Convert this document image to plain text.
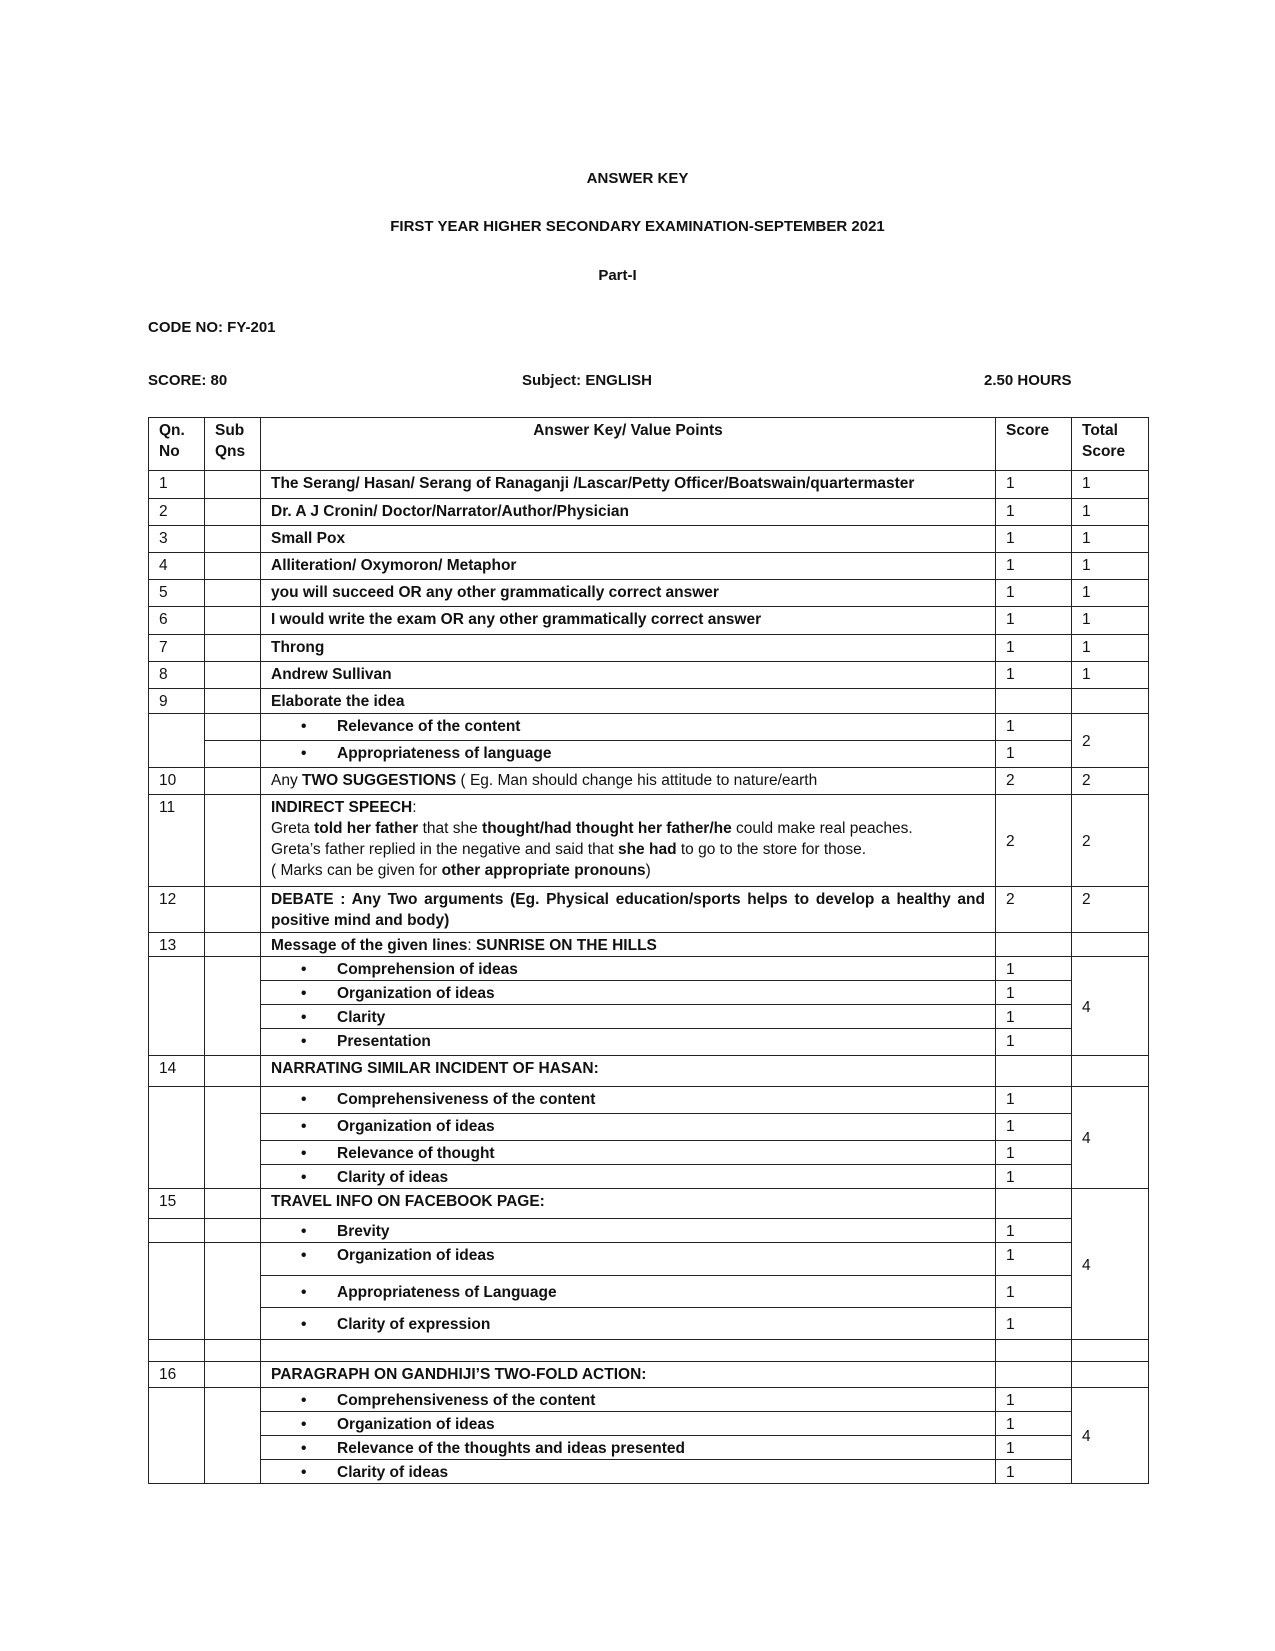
ANSWER KEY
FIRST YEAR HIGHER SECONDARY EXAMINATION-SEPTEMBER 2021
Part-I
CODE NO: FY-201
SCORE: 80	Subject: ENGLISH	2.50 HOURS
Qn. No	Sub Qns	Answer Key/ Value Points	Score	Total Score
1		The Serang/ Hasan/ Serang of Ranaganji /Lascar/Petty Officer/Boatswain/quartermaster	1	1
2		Dr. A J Cronin/ Doctor/Narrator/Author/Physician	1	1
3		Small Pox	1	1
4		Alliteration/ Oxymoron/ Metaphor	1	1
5		you will succeed OR any other grammatically correct answer	1	1
6		I would write the exam OR any other grammatically correct answer	1	1
7		Throng	1	1
8		Andrew Sullivan	1	1
9		Elaborate the idea		
		• Relevance of the content	1	2
		• Appropriateness of language	1	
10		Any TWO SUGGESTIONS ( Eg. Man should change his attitude to nature/earth	2	2
11		INDIRECT SPEECH:
Greta told her father that she thought/had thought her father/he could make real peaches.
Greta’s father replied in the negative and said that she had to go to the store for those.
( Marks can be given for other appropriate pronouns)	2	2
12		DEBATE : Any Two arguments (Eg. Physical education/sports helps to develop a healthy and positive mind and body)	2	2
13		Message of the given lines: SUNRISE ON THE HILLS		
		• Comprehension of ideas	1	4
		• Organization of ideas	1	
		• Clarity	1	
		• Presentation	1	
14		NARRATING SIMILAR INCIDENT OF HASAN:		
		• Comprehensiveness of the content	1	4
		• Organization of ideas	1	
		• Relevance of thought	1	
		• Clarity of ideas	1	
15		TRAVEL INFO ON FACEBOOK PAGE:		4
		• Brevity	1	
		• Organization of ideas	1	
		• Appropriateness of Language	1	
		• Clarity of expression	1	

16		PARAGRAPH ON GANDHIJI’S TWO-FOLD ACTION:		
		• Comprehensiveness of the content	1	4
		• Organization of ideas	1	
		• Relevance of the thoughts and ideas presented	1	
		• Clarity of ideas	1	
